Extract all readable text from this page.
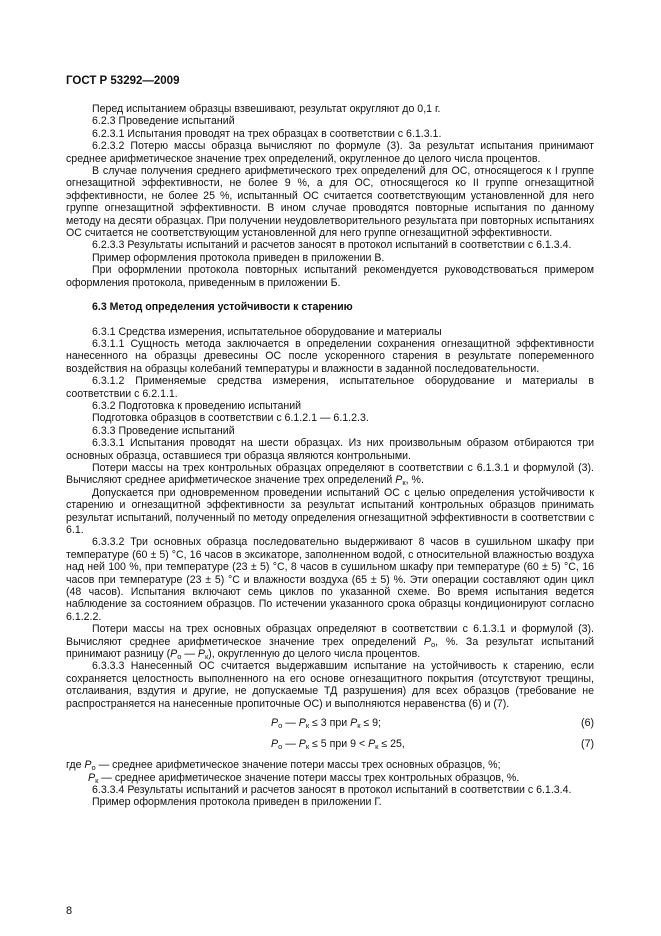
ГОСТ Р 53292—2009

Перед испытанием образцы взвешивают, результат округляют до 0,1 г.

6.2.3 Проведение испытаний

6.2.3.1 Испытания проводят на трех образцах в соответствии с 6.1.3.1.

6.2.3.2 Потерю массы образца вычисляют по формуле (3). За результат испытания принимают среднее арифметическое значение трех определений, округленное до целого числа процентов.

В случае получения среднего арифметического трех определений для ОС, относящегося к I группе огнезащитной эффективности, не более 9 %, а для ОС, относящегося ко II группе огнезащитной эффективности, не более 25 %, испытанный ОС считается соответствующим установленной для него группе огнезащитной эффективности. В ином случае проводятся повторные испытания по данному методу на десяти образцах. При получении неудовлетворительного результата при повторных испытаниях ОС считается не соответствующим установленной для него группе огнезащитной эффективности.

6.2.3.3 Результаты испытаний и расчетов заносят в протокол испытаний в соответствии с 6.1.3.4.

Пример оформления протокола приведен в приложении В.

При оформлении протокола повторных испытаний рекомендуется руководствоваться примером оформления протокола, приведенным в приложении Б.

6.3 Метод определения устойчивости к старению

6.3.1 Средства измерения, испытательное оборудование и материалы

6.3.1.1 Сущность метода заключается в определении сохранения огнезащитной эффективности нанесенного на образцы древесины ОС после ускоренного старения в результате попеременного воздействия на образцы колебаний температуры и влажности в заданной последовательности.

6.3.1.2 Применяемые средства измерения, испытательное оборудование и материалы в соответствии с 6.2.1.1.

6.3.2 Подготовка к проведению испытаний

Подготовка образцов в соответствии с 6.1.2.1 — 6.1.2.3.

6.3.3 Проведение испытаний

6.3.3.1 Испытания проводят на шести образцах. Из них произвольным образом отбираются три основных образца, оставшиеся три образца являются контрольными.

Потери массы на трех контрольных образцах определяют в соответствии с 6.1.3.1 и формулой (3). Вычисляют среднее арифметическое значение трех определений $P_к$, %.

Допускается при одновременном проведении испытаний ОС с целью определения устойчивости к старению и огнезащитной эффективности за результат испытаний контрольных образцов принимать результат испытаний, полученный по методу определения огнезащитной эффективности в соответствии с 6.1.

6.3.3.2 Три основных образца последовательно выдерживают 8 часов в сушильном шкафу при температуре (60 ± 5) °С, 16 часов в эксикаторе, заполненном водой, с относительной влажностью воздуха над ней 100 %, при температуре (23 ± 5) °С, 8 часов в сушильном шкафу при температуре (60 ± 5) °С, 16 часов при температуре (23 ± 5) °С и влажности воздуха (65 ± 5) %. Эти операции составляют один цикл (48 часов). Испытания включают семь циклов по указанной схеме. Во время испытания ведется наблюдение за состоянием образцов. По истечении указанного срока образцы кондиционируют согласно 6.1.2.2.

Потери массы на трех основных образцах определяют в соответствии с 6.1.3.1 и формулой (3). Вычисляют среднее арифметическое значение трех определений $P_о$, %. За результат испытаний принимают разницу ($P_о$ — $P_к$), округленную до целого числа процентов.

6.3.3.3 Нанесенный ОС считается выдержавшим испытание на устойчивость к старению, если сохраняется целостность выполненного на его основе огнезащитного покрытия (отсутствуют трещины, отслаивания, вздутия и другие, не допускаемые ТД разрушения) для всех образцов (требование не распространяется на нанесенные пропиточные ОС) и выполняются неравенства (6) и (7).

$P_о$ — $P_к \le 3$ при $P_к \le 9$;	(6)
$P_о$ — $P_к \le 5$ при $9 < P_к \le 25$,	(7)

где $P_о$ — среднее арифметическое значение потери массы трех основных образцов, %;

$P_к$ — среднее арифметическое значение потери массы трех контрольных образцов, %.

6.3.3.4 Результаты испытаний и расчетов заносят в протокол испытаний в соответствии с 6.1.3.4.

Пример оформления протокола приведен в приложении Г.

8
